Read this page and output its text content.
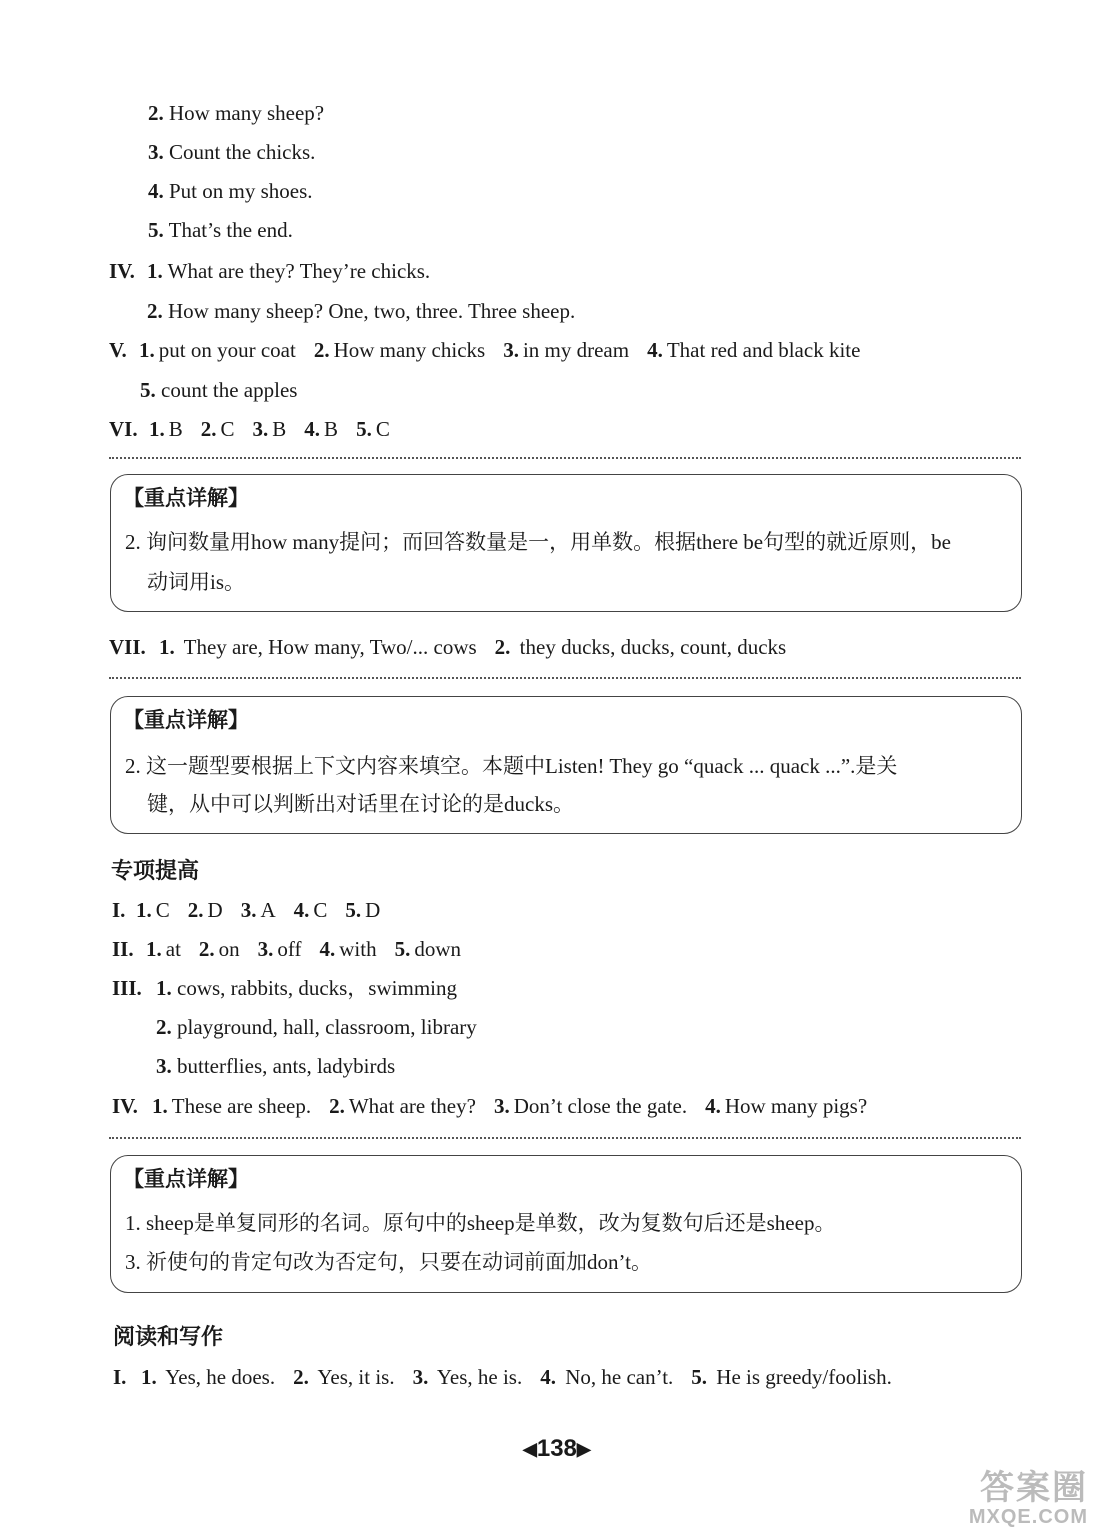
2. How many sheep?
3. Count the chicks.
4. Put on my shoes.
5. That’s the end.
IV. 1. What are they? They’re chicks.
2. How many sheep? One, two, three. Three sheep.
V. 1. put on your coat 2. How many chicks 3. in my dream 4. That red and black kite
5. count the apples
VI. 1. B 2. C 3. B 4. B 5. C
【重点详解】
2. 询问数量用how many提问；而回答数量是一，用单数。根据there be句型的就近原则，be
动词用is。
VII. 1. They are, How many, Two/... cows 2. they ducks, ducks, count, ducks
【重点详解】
2. 这一题型要根据上下文内容来填空。本题中Listen! They go “quack ... quack ...”.是关
键，从中可以判断出对话里在讨论的是ducks。
专项提高
I. 1. C 2. D 3. A 4. C 5. D
II. 1. at 2. on 3. off 4. with 5. down
III. 1. cows, rabbits, ducks，swimming
2. playground, hall, classroom, library
3. butterflies, ants, ladybirds
IV. 1. These are sheep. 2. What are they? 3. Don’t close the gate. 4. How many pigs?
【重点详解】
1. sheep是单复同形的名词。原句中的sheep是单数，改为复数句后还是sheep。
3. 祈使句的肯定句改为否定句，只要在动词前面加don’t。
阅读和写作
I. 1. Yes, he does. 2. Yes, it is. 3. Yes, he is. 4. No, he can’t. 5. He is greedy/foolish.
◀138▶
答案圈
MXQE.COM
